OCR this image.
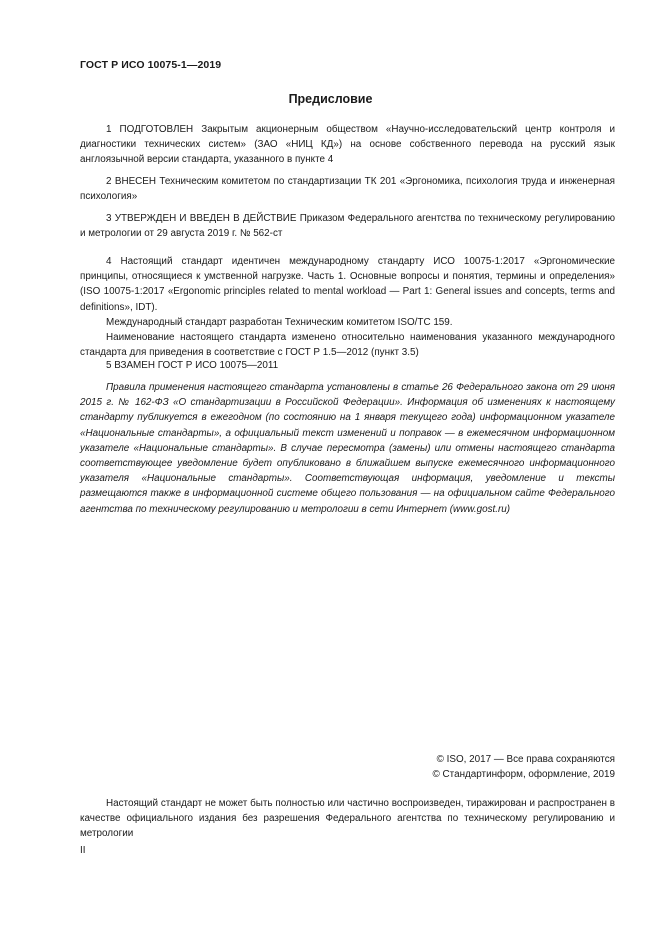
ГОСТ Р ИСО 10075-1—2019
Предисловие

1 ПОДГОТОВЛЕН Закрытым акционерным обществом «Научно-исследовательский центр контроля и диагностики технических систем» (ЗАО «НИЦ КД») на основе собственного перевода на русский язык англоязычной версии стандарта, указанного в пункте 4

2 ВНЕСЕН Техническим комитетом по стандартизации ТК 201 «Эргономика, психология труда и инженерная психология»

3 УТВЕРЖДЕН И ВВЕДЕН В ДЕЙСТВИЕ Приказом Федерального агентства по техническому регулированию и метрологии от 29 августа 2019 г. № 562-ст

4 Настоящий стандарт идентичен международному стандарту ИСО 10075-1:2017 «Эргономические принципы, относящиеся к умственной нагрузке. Часть 1. Основные вопросы и понятия, термины и определения» (ISO 10075-1:2017 «Ergonomic principles related to mental workload — Part 1: General issues and concepts, terms and definitions», IDT).

Международный стандарт разработан Техническим комитетом ISO/TC 159.

Наименование настоящего стандарта изменено относительно наименования указанного международного стандарта для приведения в соответствие с ГОСТ Р 1.5—2012 (пункт 3.5)

5 ВЗАМЕН ГОСТ Р ИСО 10075—2011

Правила применения настоящего стандарта установлены в статье 26 Федерального закона от 29 июня 2015 г. № 162-ФЗ «О стандартизации в Российской Федерации». Информация об изменениях к настоящему стандарту публикуется в ежегодном (по состоянию на 1 января текущего года) информационном указателе «Национальные стандарты», а официальный текст изменений и поправок — в ежемесячном информационном указателе «Национальные стандарты». В случае пересмотра (замены) или отмены настоящего стандарта соответствующее уведомление будет опубликовано в ближайшем выпуске ежемесячного информационного указателя «Национальные стандарты». Соответствующая информация, уведомление и тексты размещаются также в информационной системе общего пользования — на официальном сайте Федерального агентства по техническому регулированию и метрологии в сети Интернет (www.gost.ru)

© ISO, 2017 — Все права сохраняются
© Стандартинформ, оформление, 2019

Настоящий стандарт не может быть полностью или частично воспроизведен, тиражирован и распространен в качестве официального издания без разрешения Федерального агентства по техническому регулированию и метрологии

II
